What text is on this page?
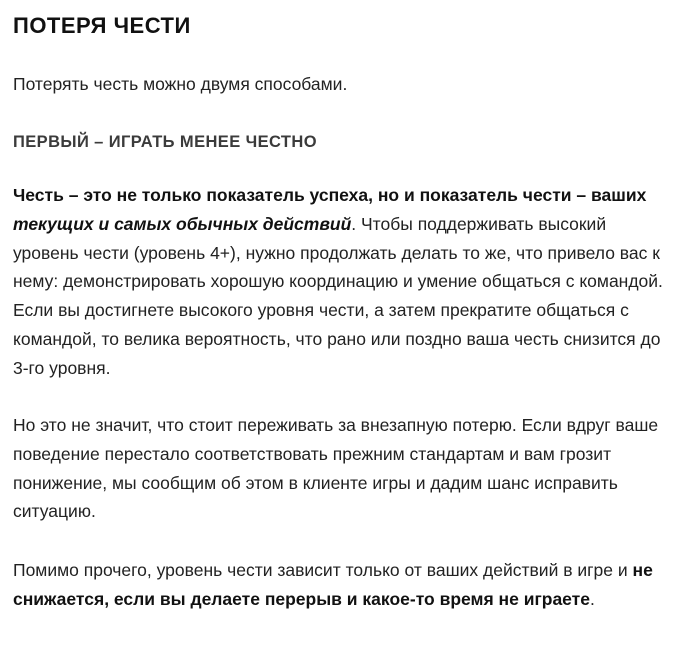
ПОТЕРЯ ЧЕСТИ

Потерять честь можно двумя способами.

ПЕРВЫЙ – ИГРАТЬ МЕНЕЕ ЧЕСТНО

Честь – это не только показатель успеха, но и показатель чести – ваших текущих и самых обычных действий. Чтобы поддерживать высокий уровень чести (уровень 4+), нужно продолжать делать то же, что привело вас к нему: демонстрировать хорошую координацию и умение общаться с командой. Если вы достигнете высокого уровня чести, а затем прекратите общаться с командой, то велика вероятность, что рано или поздно ваша честь снизится до 3-го уровня.

Но это не значит, что стоит переживать за внезапную потерю. Если вдруг ваше поведение перестало соответствовать прежним стандартам и вам грозит понижение, мы сообщим об этом в клиенте игры и дадим шанс исправить ситуацию.

Помимо прочего, уровень чести зависит только от ваших действий в игре и не снижается, если вы делаете перерыв и какое-то время не играете.
